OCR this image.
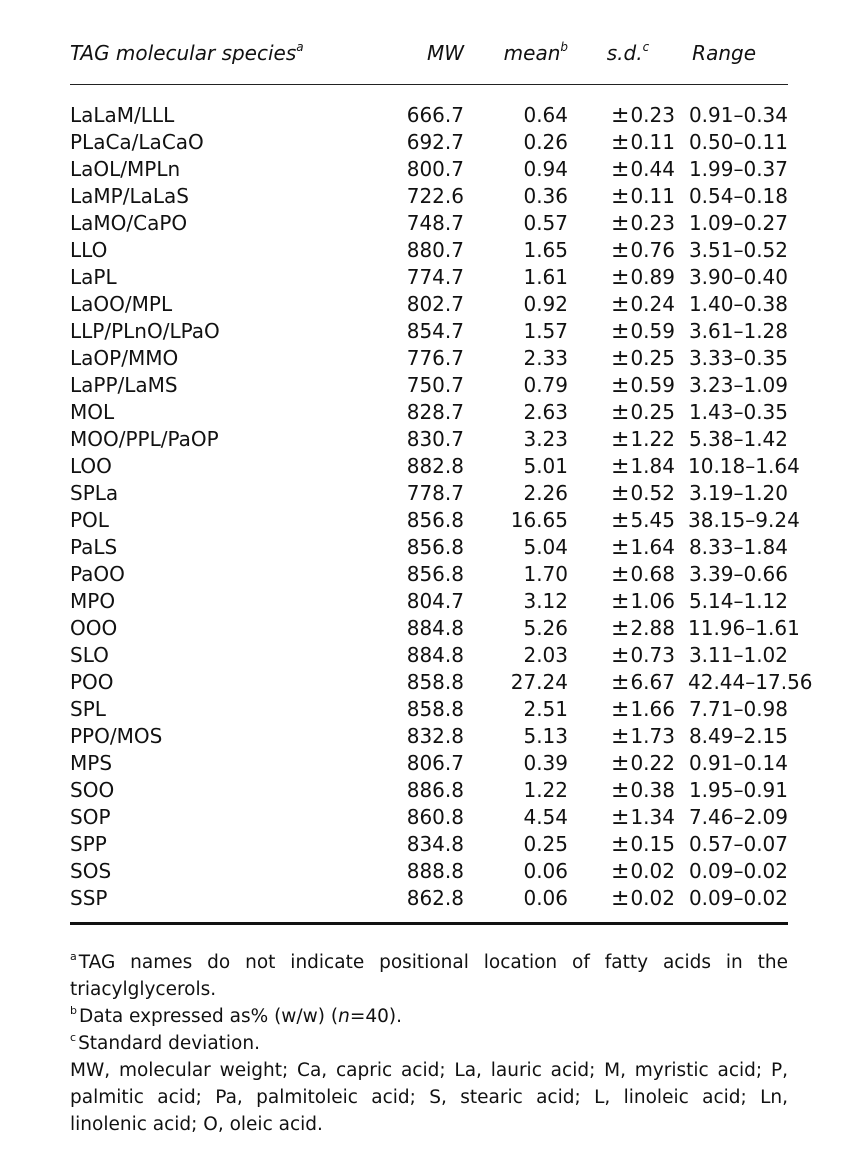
TAG molecular species$^a$	MW	mean$^b$	s.d.$^c$	Range

LaLaM/LLL	666.7	0.64	±0.23	0.91–0.34
PLaCa/LaCaO	692.7	0.26	±0.11	0.50–0.11
LaOL/MPLn	800.7	0.94	±0.44	1.99–0.37
LaMP/LaLaS	722.6	0.36	±0.11	0.54–0.18
LaMO/CaPO	748.7	0.57	±0.23	1.09–0.27
LLO	880.7	1.65	±0.76	3.51–0.52
LaPL	774.7	1.61	±0.89	3.90–0.40
LaOO/MPL	802.7	0.92	±0.24	1.40–0.38
LLP/PLnO/LPaO	854.7	1.57	±0.59	3.61–1.28
LaOP/MMO	776.7	2.33	±0.25	3.33–0.35
LaPP/LaMS	750.7	0.79	±0.59	3.23–1.09
MOL	828.7	2.63	±0.25	1.43–0.35
MOO/PPL/PaOP	830.7	3.23	±1.22	5.38–1.42
LOO	882.8	5.01	±1.84	10.18–1.64
SPLa	778.7	2.26	±0.52	3.19–1.20
POL	856.8	16.65	±5.45	38.15–9.24
PaLS	856.8	5.04	±1.64	8.33–1.84
PaOO	856.8	1.70	±0.68	3.39–0.66
MPO	804.7	3.12	±1.06	5.14–1.12
OOO	884.8	5.26	±2.88	11.96–1.61
SLO	884.8	2.03	±0.73	3.11–1.02
POO	858.8	27.24	±6.67	42.44–17.56
SPL	858.8	2.51	±1.66	7.71–0.98
PPO/MOS	832.8	5.13	±1.73	8.49–2.15
MPS	806.7	0.39	±0.22	0.91–0.14
SOO	886.8	1.22	±0.38	1.95–0.91
SOP	860.8	4.54	±1.34	7.46–2.09
SPP	834.8	0.25	±0.15	0.57–0.07
SOS	888.8	0.06	±0.02	0.09–0.02
SSP	862.8	0.06	±0.02	0.09–0.02

$^a$ TAG names do not indicate positional location of fatty acids in the
triacylglycerols.

$^b$ Data expressed as% (w/w) (n=40).

$^c$ Standard deviation.

MW, molecular weight; Ca, capric acid; La, lauric acid; M, myristic acid; P, palmitic acid; Pa, palmitoleic acid; S, stearic acid; L, linoleic acid; Ln, linolenic acid; O, oleic acid.
